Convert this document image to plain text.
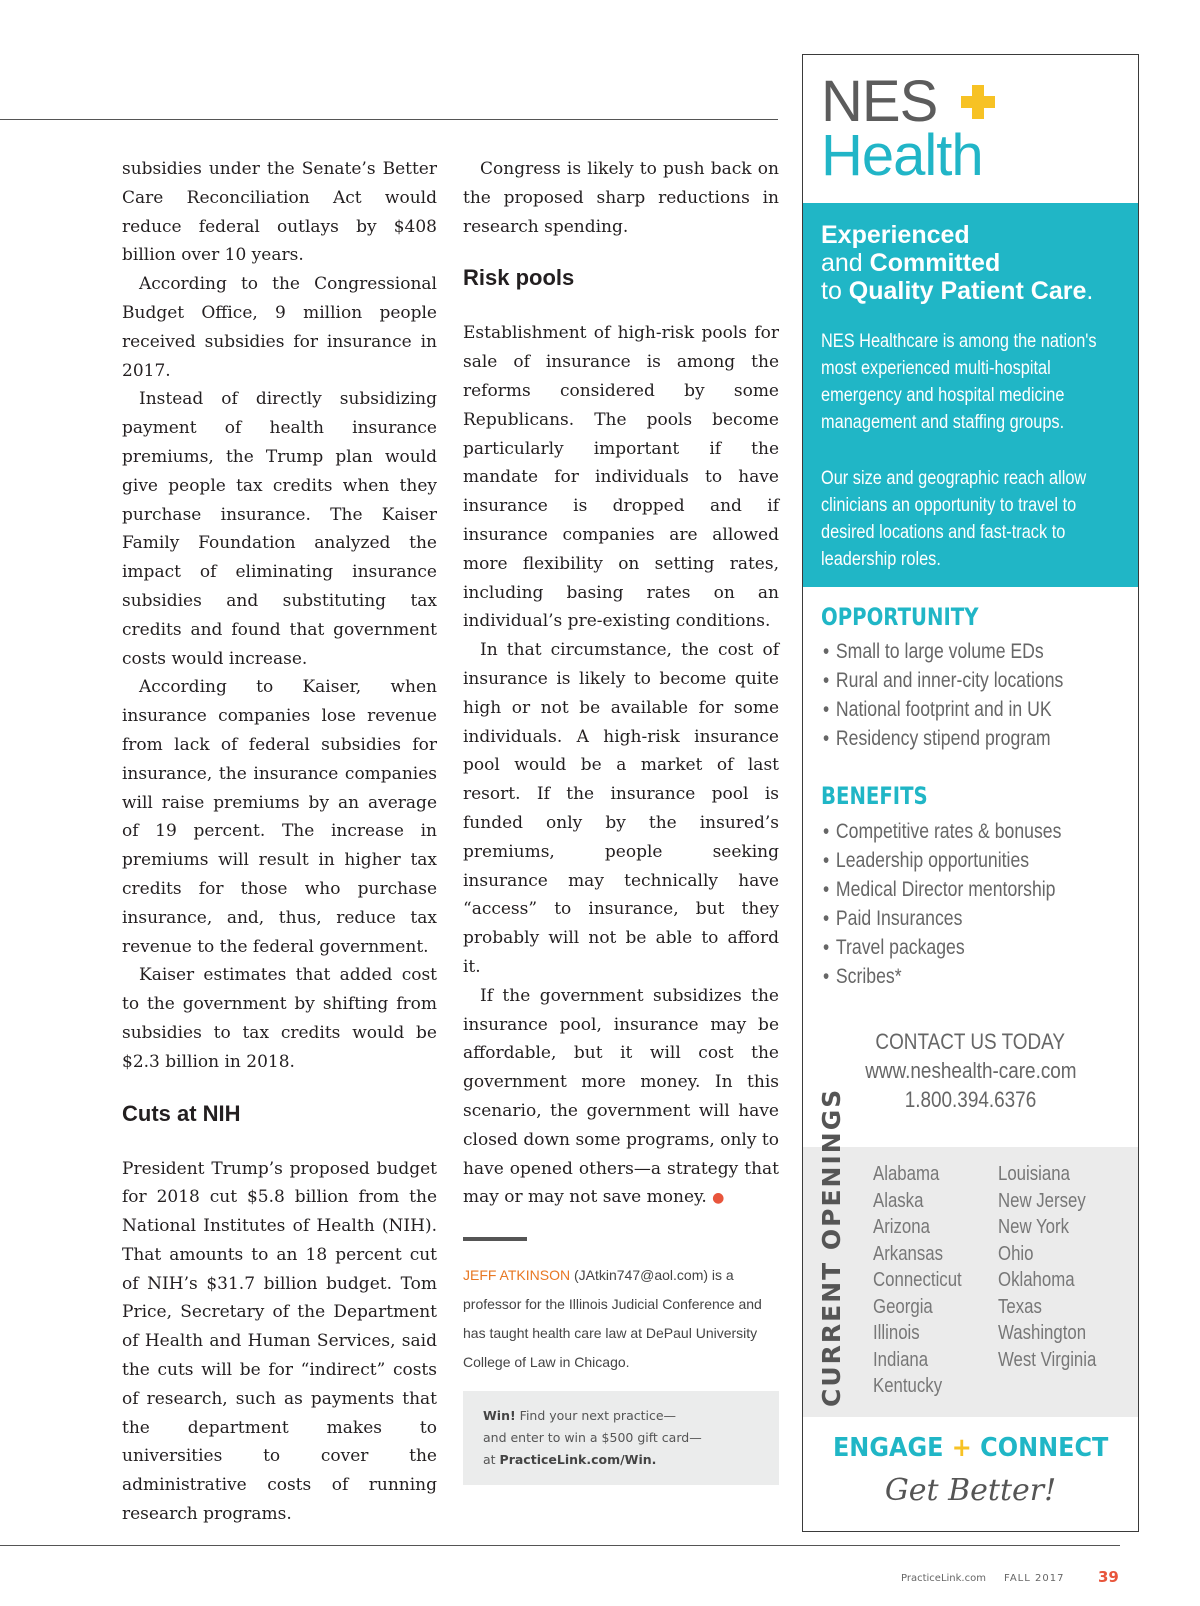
subsidies under the Senate’s Better Care Reconciliation Act would reduce federal outlays by $408 billion over 10 years.

According to the Congressional Budget Office, 9 million people received subsidies for insurance in 2017.

Instead of directly subsidizing payment of health insurance premiums, the Trump plan would give people tax credits when they purchase insurance. The Kaiser Family Foundation analyzed the impact of eliminating insurance subsidies and substituting tax credits and found that government costs would increase.

According to Kaiser, when insurance companies lose revenue from lack of federal subsidies for insurance, the insurance companies will raise premiums by an average of 19 percent. The increase in premiums will result in higher tax credits for those who purchase insurance, and, thus, reduce tax revenue to the federal government.

Kaiser estimates that added cost to the government by shifting from subsidies to tax credits would be $2.3 billion in 2018.

Cuts at NIH

President Trump’s proposed budget for 2018 cut $5.8 billion from the National Institutes of Health (NIH). That amounts to an 18 percent cut of NIH’s $31.7 billion budget. Tom Price, Secretary of the Department of Health and Human Services, said the cuts will be for “indirect” costs of research, such as payments that the department makes to universities to cover the administrative costs of running research programs.

Congress is likely to push back on the proposed sharp reductions in research spending.

Risk pools

Establishment of high-risk pools for sale of insurance is among the reforms considered by some Republicans. The pools become particularly important if the mandate for individuals to have insurance is dropped and if insurance companies are allowed more flexibility on setting rates, including basing rates on an individual’s pre-existing conditions.

In that circumstance, the cost of insurance is likely to become quite high or not be available for some individuals. A high-risk insurance pool would be a market of last resort. If the insurance pool is funded only by the insured’s premiums, people seeking insurance may technically have “access” to insurance, but they probably will not be able to afford it.

If the government subsidizes the insurance pool, insurance may be affordable, but it will cost the government more money. In this scenario, the government will have closed down some programs, only to have opened others—a strategy that may or may not save money. ●

JEFF ATKINSON (JAtkin747@aol.com) is a professor for the Illinois Judicial Conference and has taught health care law at DePaul University College of Law in Chicago.
Win! Find your next practice—
and enter to win a $500 gift card—
at PracticeLink.com/Win.
NES
Health
Experienced
and Committed
to Quality Patient Care.
NES Healthcare is among the nation's most experienced multi-hospital emergency and hospital medicine management and staffing groups.
Our size and geographic reach allow clinicians an opportunity to travel to desired locations and fast-track to leadership roles.
OPPORTUNITY
• Small to large volume EDs
• Rural and inner-city locations
• National footprint and in UK
• Residency stipend program
BENEFITS
• Competitive rates & bonuses
• Leadership opportunities
• Medical Director mentorship
• Paid Insurances
• Travel packages
• Scribes*
CONTACT US TODAY
www.neshealth-care.com
1.800.394.6376
CURRENT OPENINGS Alabama
Alaska
Arizona
Arkansas
Connecticut
Georgia
Illinois
Indiana
Kentucky
Louisiana
New Jersey
New York
Ohio
Oklahoma
Texas
Washington
West Virginia
ENGAGE + CONNECT
Get Better!
PracticeLink.com FALL 2017 39
